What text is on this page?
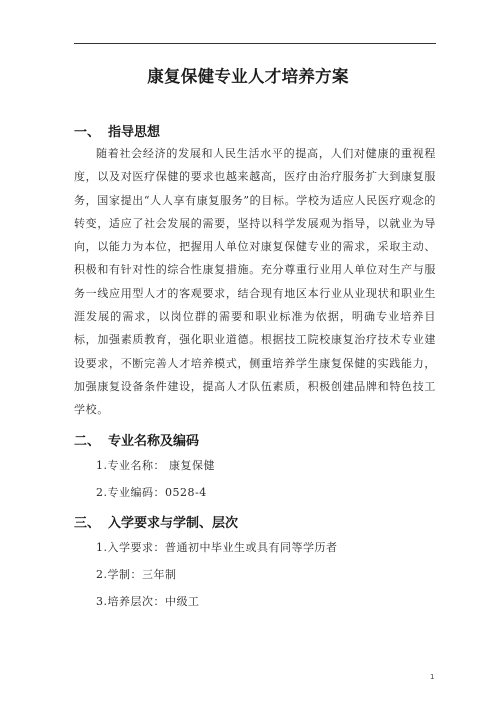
康复保健专业人才培养方案
一、 指导思想
随着社会经济的发展和人民生活水平的提高，人们对健康的重视程度，以及对医疗保健的要求也越来越高，医疗由治疗服务扩大到康复服务，国家提出“人人享有康复服务”的目标。学校为适应人民医疗观念的转变，适应了社会发展的需要，坚持以科学发展观为指导，以就业为导向，以能力为本位，把握用人单位对康复保健专业的需求，采取主动、积极和有针对性的综合性康复措施。充分尊重行业用人单位对生产与服务一线应用型人才的客观要求，结合现有地区本行业从业现状和职业生涯发展的需求，以岗位群的需要和职业标准为依据，明确专业培养目标，加强素质教育，强化职业道德。根据技工院校康复治疗技术专业建设要求，不断完善人才培养模式，侧重培养学生康复保健的实践能力，加强康复设备条件建设，提高人才队伍素质，积极创建品牌和特色技工学校。
二、 专业名称及编码
1.专业名称： 康复保健
2.专业编码：0528-4
三、 入学要求与学制、层次
1.入学要求：普通初中毕业生或具有同等学历者
2.学制：三年制
3.培养层次：中级工
1
